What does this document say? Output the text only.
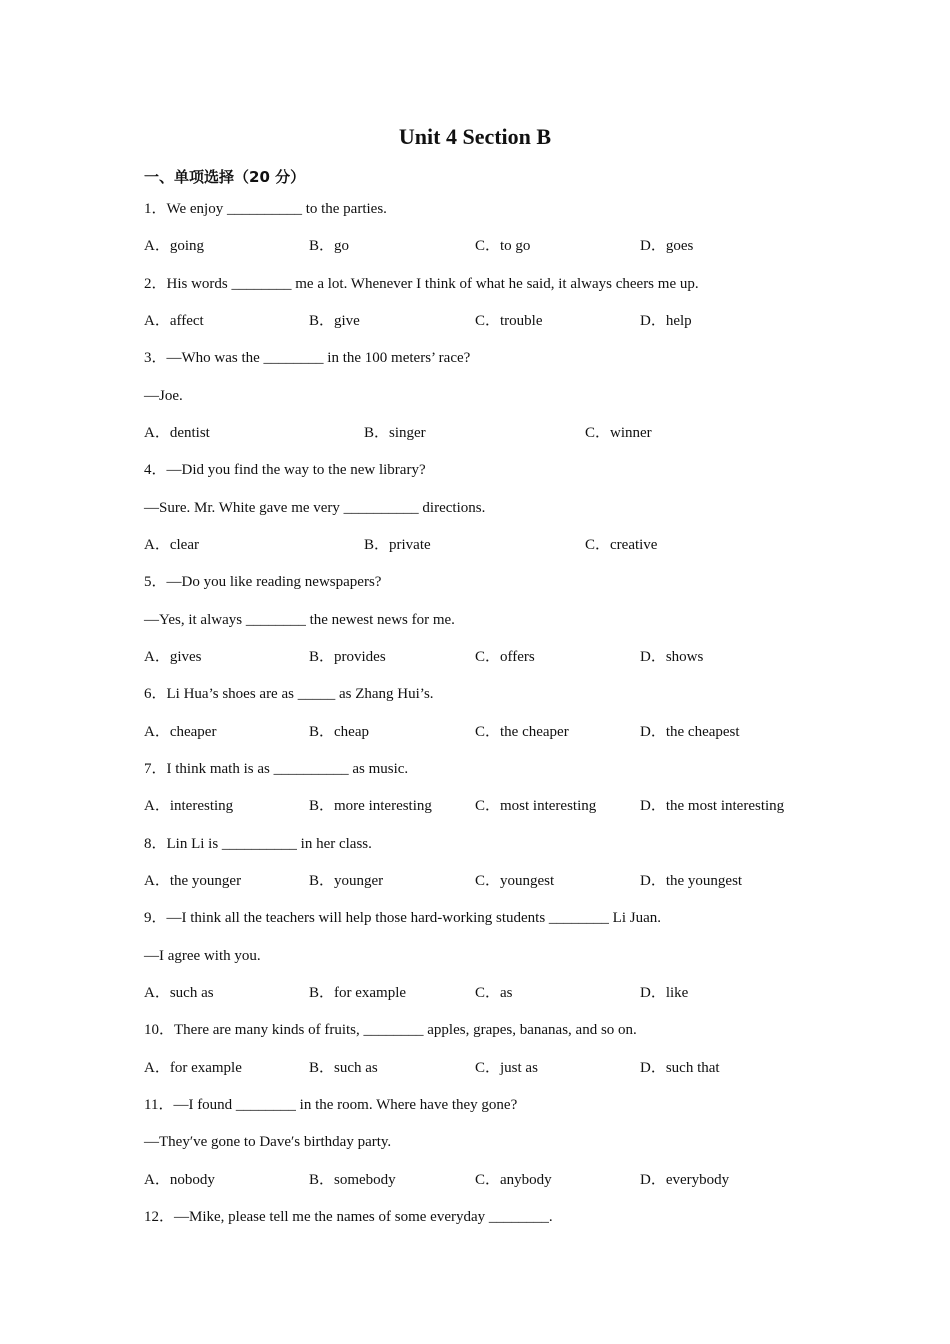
Unit 4 Section B
一、单项选择（20 分）
1．We enjoy __________ to the parties.
A．going	B．go	C．to go	D．goes
2．His words ________ me a lot. Whenever I think of what he said, it always cheers me up.
A．affect	B．give	C．trouble	D．help
3．—Who was the ________ in the 100 meters’ race?
—Joe.
A．dentist	B．singer	C．winner
4．—Did you find the way to the new library?
—Sure. Mr. White gave me very __________ directions.
A．clear	B．private	C．creative
5．—Do you like reading newspapers?
—Yes, it always ________ the newest news for me.
A．gives	B．provides	C．offers	D．shows
6．Li Hua’s shoes are as _____ as Zhang Hui’s.
A．cheaper	B．cheap	C．the cheaper	D．the cheapest
7．I think math is as __________ as music.
A．interesting	B．more interesting	C．most interesting	D．the most interesting
8．Lin Li is __________ in her class.
A．the younger	B．younger	C．youngest	D．the youngest
9．—I think all the teachers will help those hard-working students ________ Li Juan.
—I agree with you.
A．such as	B．for example	C．as	D．like
10．There are many kinds of fruits, ________ apples, grapes, bananas, and so on.
A．for example	B．such as	C．just as	D．such that
11．—I found ________ in the room. Where have they gone?
—They′ve gone to Dave′s birthday party.
A．nobody	B．somebody	C．anybody	D．everybody
12．—Mike, please tell me the names of some everyday ________.
